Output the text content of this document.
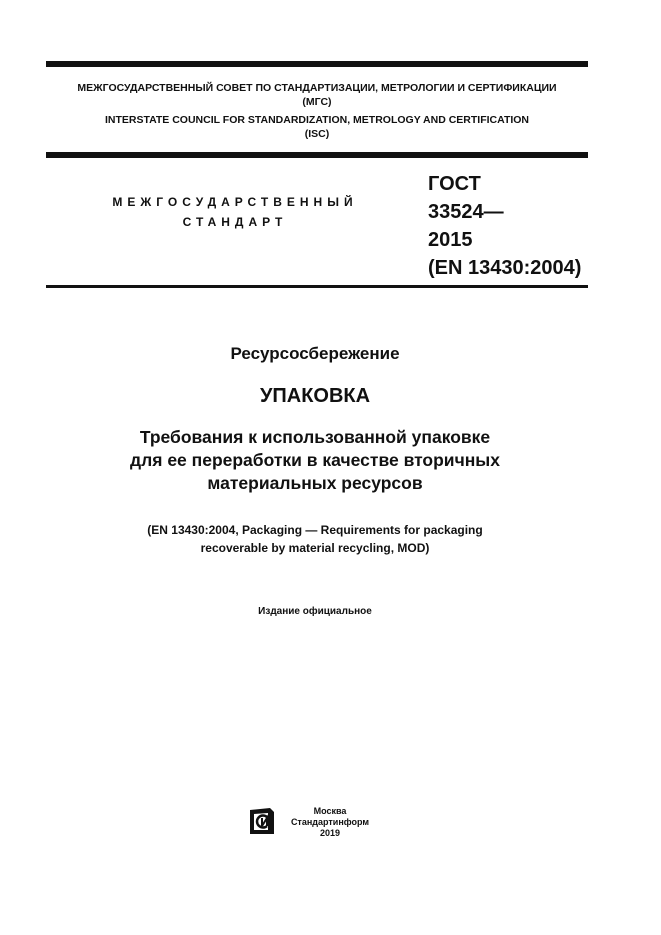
МЕЖГОСУДАРСТВЕННЫЙ СОВЕТ ПО СТАНДАРТИЗАЦИИ, МЕТРОЛОГИИ И СЕРТИФИКАЦИИ
(МГС)
INTERSTATE COUNCIL FOR STANDARDIZATION, METROLOGY AND CERTIFICATION
(ISC)
МЕЖГОСУДАРСТВЕННЫЙ
СТАНДАРТ
ГОСТ
33524—
2015
(EN 13430:2004)
Ресурсосбережение
УПАКОВКА
Требования к использованной упаковке
для ее переработки в качестве вторичных
материальных ресурсов
(EN 13430:2004, Packaging — Requirements for packaging
recoverable by material recycling, MOD)
Издание официальное
Москва
Стандартинформ
2019
